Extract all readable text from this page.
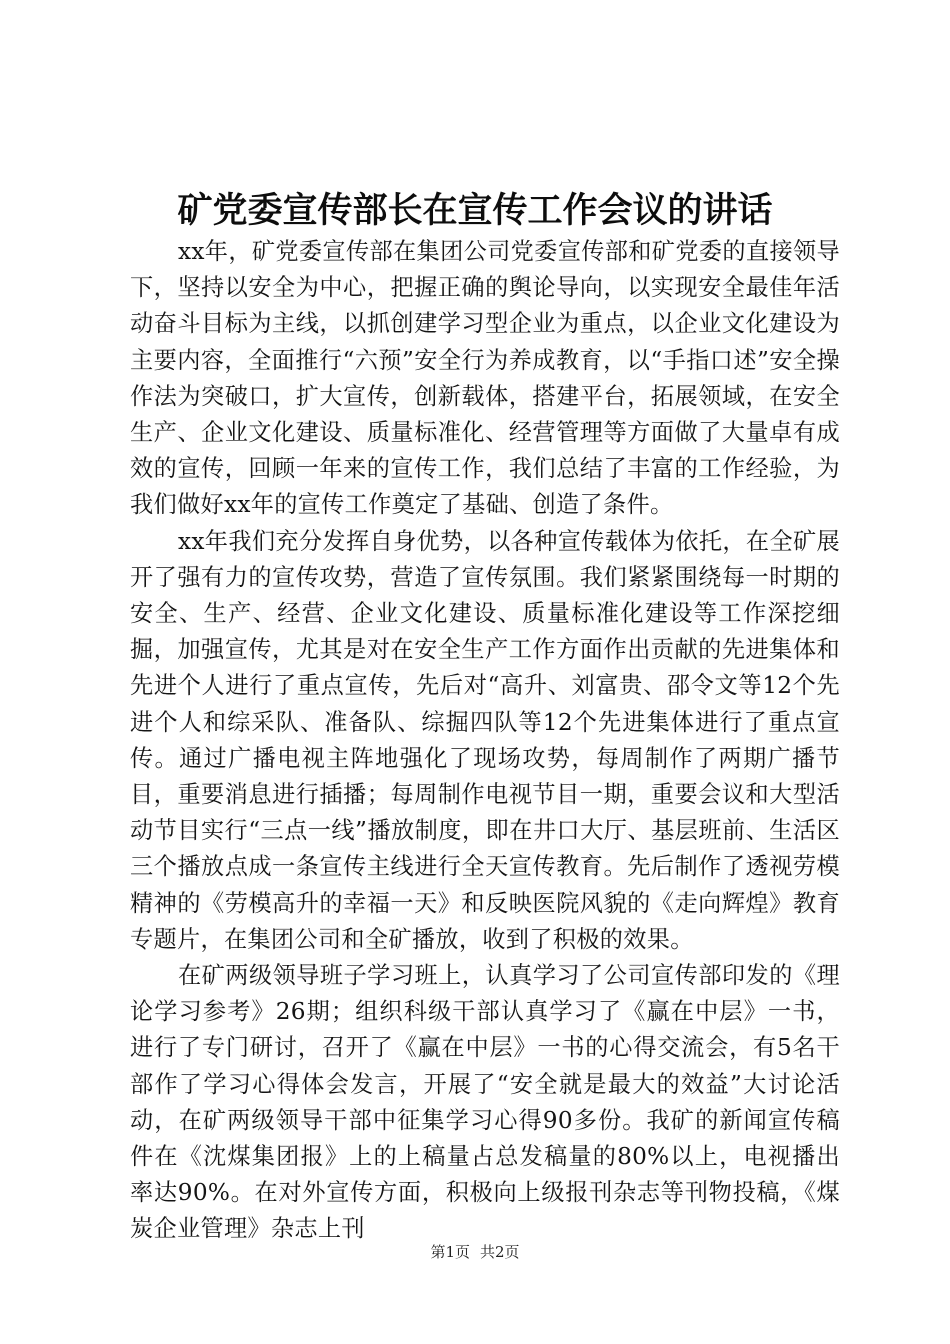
矿党委宣传部长在宣传工作会议的讲话

xx年，矿党委宣传部在集团公司党委宣传部和矿党委的直接领导下，坚持以安全为中心，把握正确的舆论导向，以实现安全最佳年活动奋斗目标为主线，以抓创建学习型企业为重点，以企业文化建设为主要内容，全面推行“六预”安全行为养成教育，以“手指口述”安全操作法为突破口，扩大宣传，创新载体，搭建平台，拓展领域，在安全生产、企业文化建设、质量标准化、经营管理等方面做了大量卓有成效的宣传，回顾一年来的宣传工作，我们总结了丰富的工作经验，为我们做好xx年的宣传工作奠定了基础、创造了条件。

xx年我们充分发挥自身优势，以各种宣传载体为依托，在全矿展开了强有力的宣传攻势，营造了宣传氛围。我们紧紧围绕每一时期的安全、生产、经营、企业文化建设、质量标准化建设等工作深挖细掘，加强宣传，尤其是对在安全生产工作方面作出贡献的先进集体和先进个人进行了重点宣传，先后对“高升、刘富贵、邵令文等12个先进个人和综采队、准备队、综掘四队等12个先进集体进行了重点宣传。通过广播电视主阵地强化了现场攻势，每周制作了两期广播节目，重要消息进行插播；每周制作电视节目一期，重要会议和大型活动节目实行“三点一线”播放制度，即在井口大厅、基层班前、生活区三个播放点成一条宣传主线进行全天宣传教育。先后制作了透视劳模精神的《劳模高升的幸福一天》和反映医院风貌的《走向辉煌》教育专题片，在集团公司和全矿播放，收到了积极的效果。

在矿两级领导班子学习班上，认真学习了公司宣传部印发的《理论学习参考》26期；组织科级干部认真学习了《赢在中层》一书，进行了专门研讨，召开了《赢在中层》一书的心得交流会，有5名干部作了学习心得体会发言，开展了“安全就是最大的效益”大讨论活动，在矿两级领导干部中征集学习心得90多份。我矿的新闻宣传稿件在《沈煤集团报》上的上稿量占总发稿量的80%以上，电视播出率达90%。在对外宣传方面，积极向上级报刊杂志等刊物投稿，《煤炭企业管理》杂志上刊

第1页 共2页
